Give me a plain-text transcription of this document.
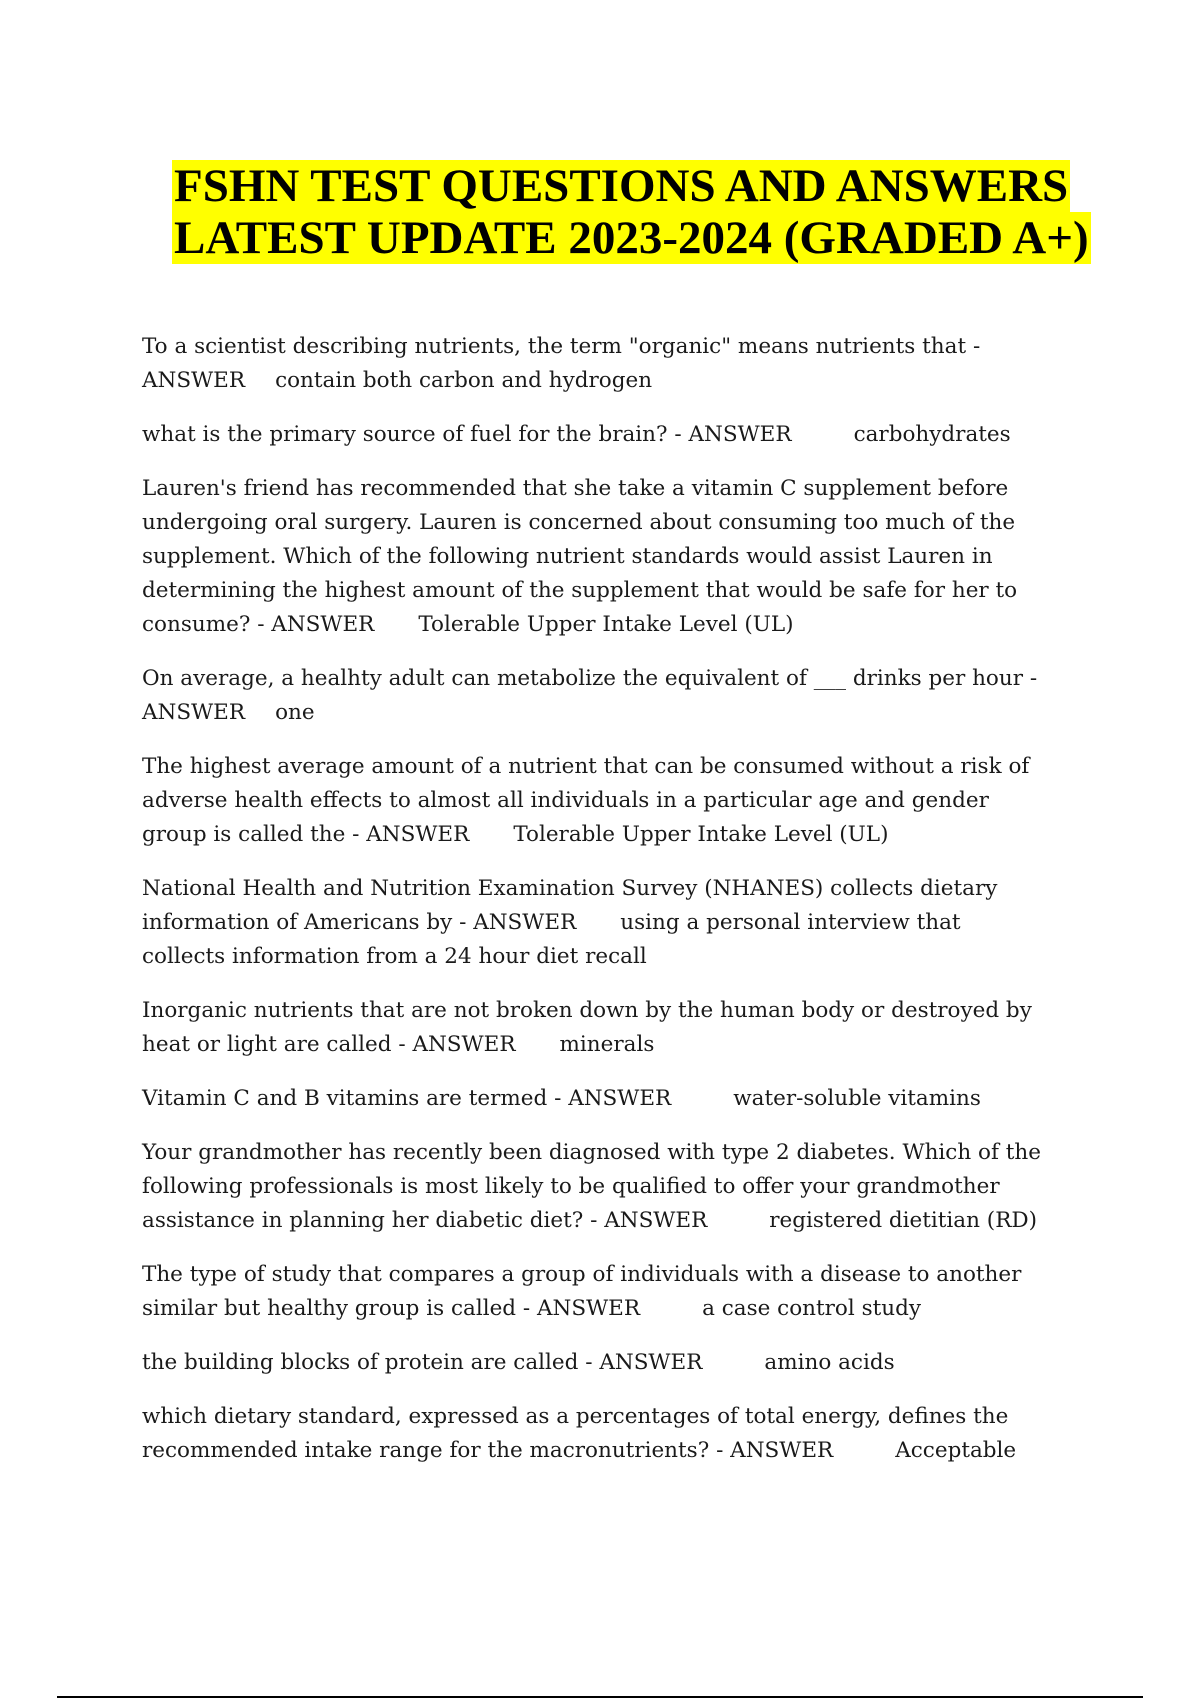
FSHN TEST QUESTIONS AND ANSWERS
LATEST UPDATE 2023-2024 (GRADED A+)

To a scientist describing nutrients, the term "organic" means nutrients that - ANSWER contain both carbon and hydrogen

what is the primary source of fuel for the brain? - ANSWER	carbohydrates

Lauren's friend has recommended that she take a vitamin C supplement before undergoing oral surgery. Lauren is concerned about consuming too much of the supplement. Which of the following nutrient standards would assist Lauren in determining the highest amount of the supplement that would be safe for her to consume? - ANSWER Tolerable Upper Intake Level (UL)

On average, a healhty adult can metabolize the equivalent of ___ drinks per hour - ANSWER one

The highest average amount of a nutrient that can be consumed without a risk of adverse health effects to almost all individuals in a particular age and gender group is called the - ANSWER Tolerable Upper Intake Level (UL)

National Health and Nutrition Examination Survey (NHANES) collects dietary information of Americans by - ANSWER using a personal interview that collects information from a 24 hour diet recall

Inorganic nutrients that are not broken down by the human body or destroyed by heat or light are called - ANSWER minerals

Vitamin C and B vitamins are termed - ANSWER	water-soluble vitamins

Your grandmother has recently been diagnosed with type 2 diabetes. Which of the following professionals is most likely to be qualified to offer your grandmother assistance in planning her diabetic diet? - ANSWER	registered dietitian (RD)

The type of study that compares a group of individuals with a disease to another similar but healthy group is called - ANSWER	a case control study

the building blocks of protein are called - ANSWER	amino acids

which dietary standard, expressed as a percentages of total energy, defines the recommended intake range for the macronutrients? - ANSWER	Acceptable
